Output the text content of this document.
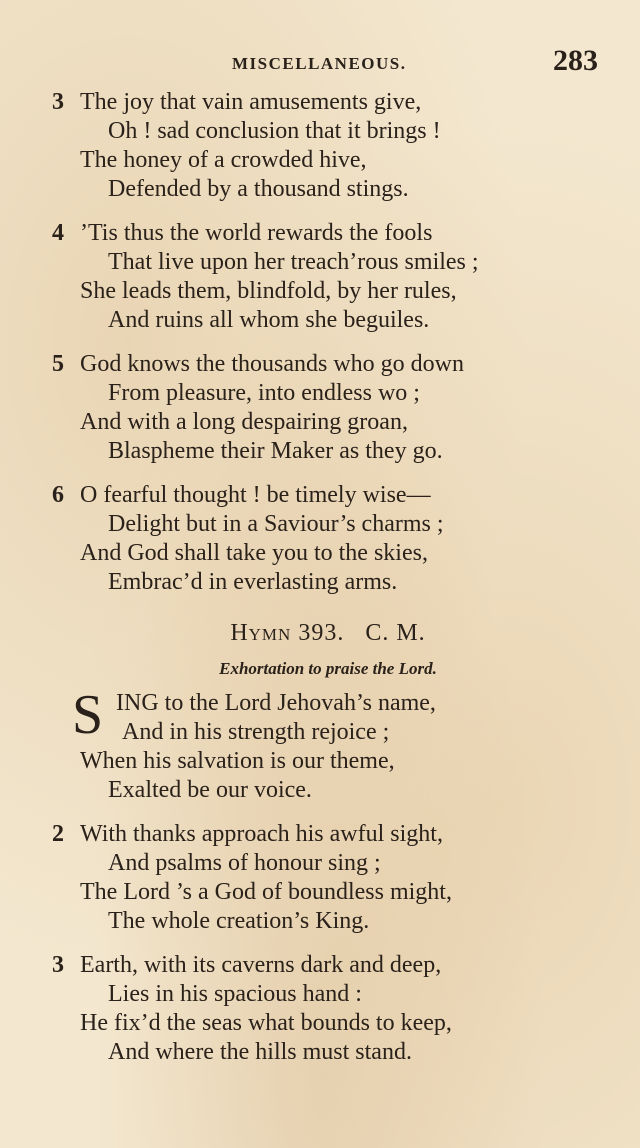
MISCELLANEOUS.	283
3 The joy that vain amusements give,
Oh ! sad conclusion that it brings !
The honey of a crowded hive,
Defended by a thousand stings.
4 ’Tis thus the world rewards the fools
That live upon her treach’rous smiles ;
She leads them, blindfold, by her rules,
And ruins all whom she beguiles.
5 God knows the thousands who go down
From pleasure, into endless wo ;
And with a long despairing groan,
Blaspheme their Maker as they go.
6 O fearful thought ! be timely wise—
Delight but in a Saviour’s charms ;
And God shall take you to the skies,
Embrac’d in everlasting arms.
Hymn 393. C. M.
Exhortation to praise the Lord.
S ING to the Lord Jehovah’s name,
And in his strength rejoice ;
When his salvation is our theme,
Exalted be our voice.
2 With thanks approach his awful sight,
And psalms of honour sing ;
The Lord ’s a God of boundless might,
The whole creation’s King.
3 Earth, with its caverns dark and deep,
Lies in his spacious hand :
He fix’d the seas what bounds to keep,
And where the hills must stand.
